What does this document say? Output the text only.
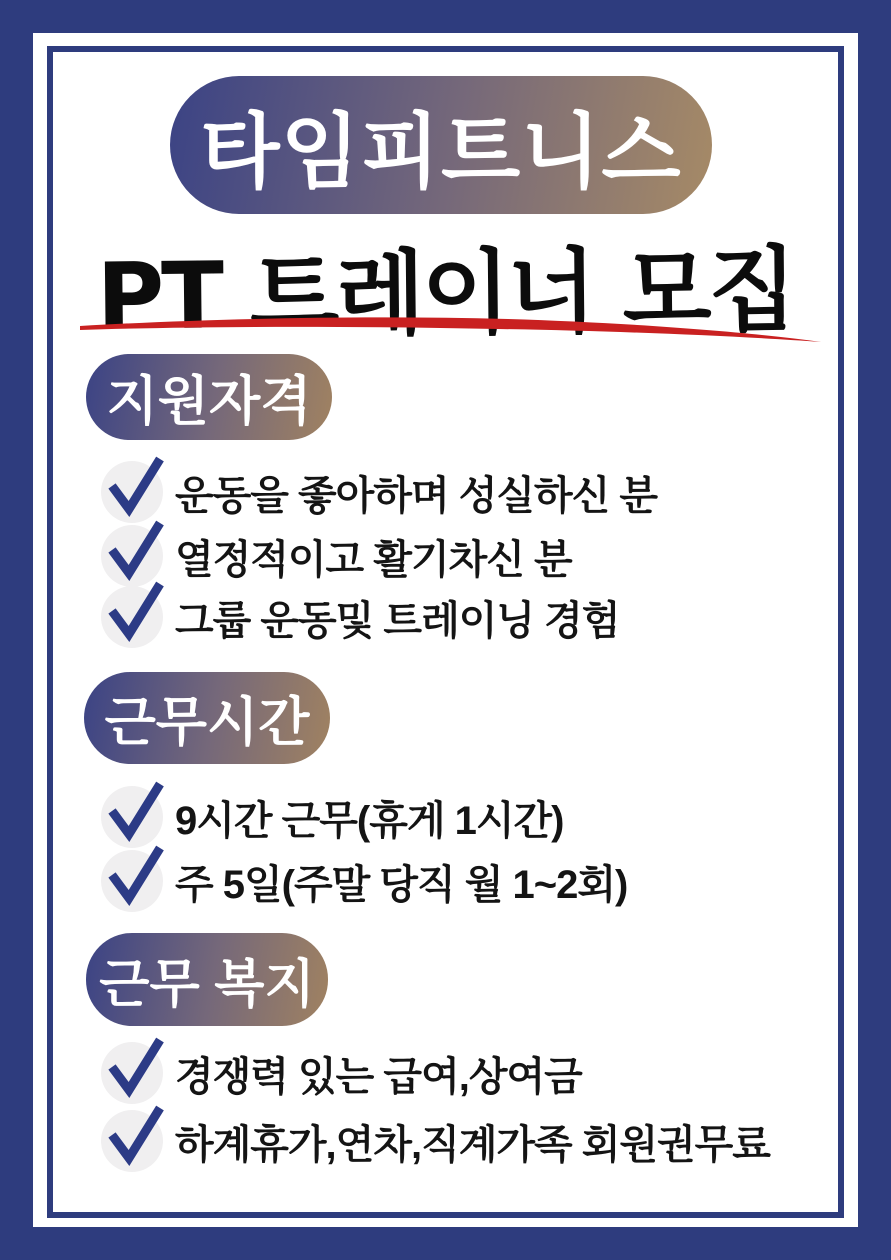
타임피트니스
PT 트레이너 모집
지원자격
운동을 좋아하며 성실하신 분
열정적이고 활기차신 분
그룹 운동및 트레이닝 경험
근무시간
9시간 근무(휴게 1시간)
주 5일(주말 당직 월 1~2회)
근무 복지
경쟁력 있는 급여,상여금
하계휴가,연차,직계가족 회원권무료
